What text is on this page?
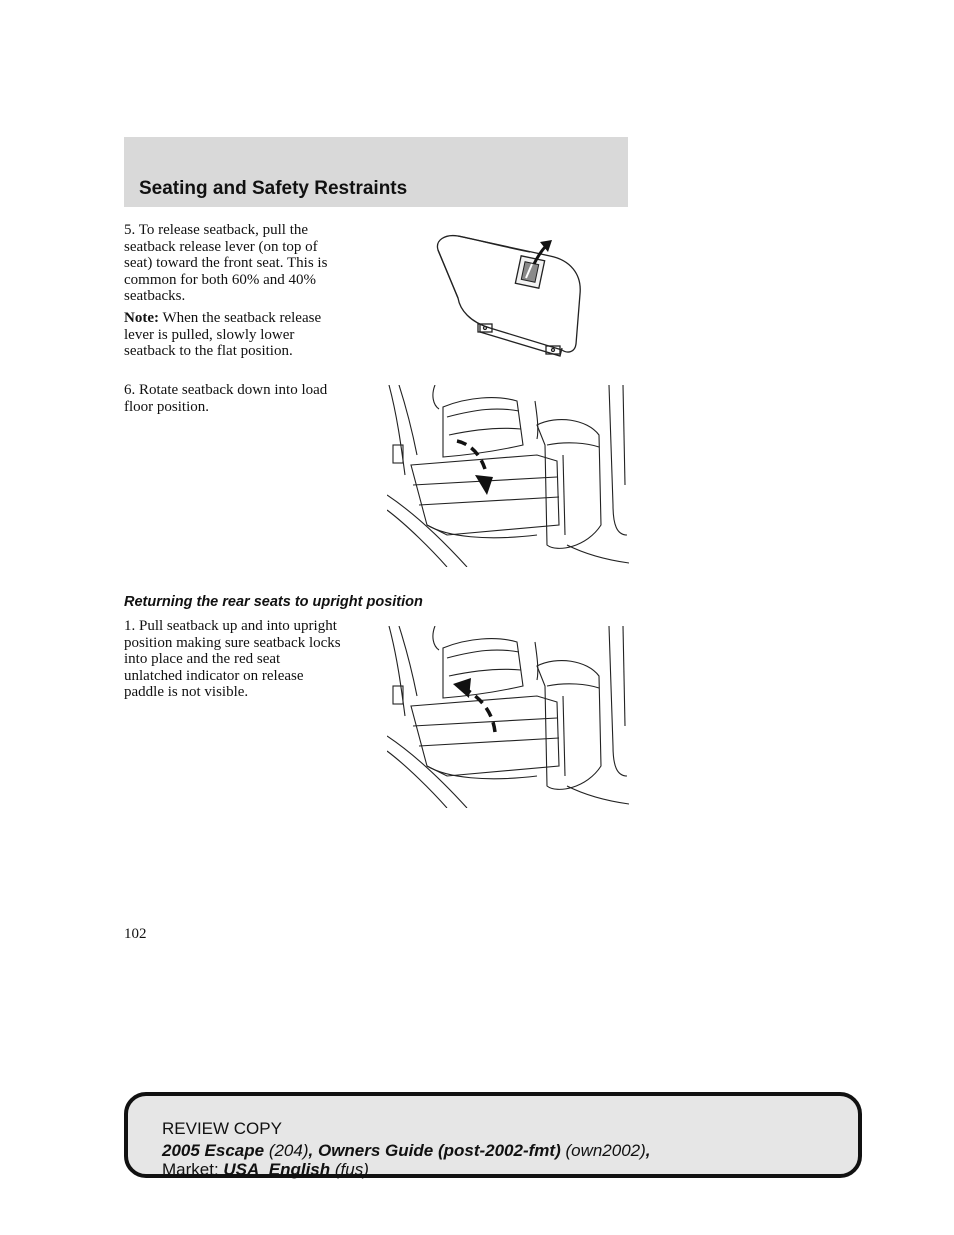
Seating and Safety Restraints
5. To release seatback, pull the
seatback release lever (on top of
seat) toward the front seat. This is
common for both 60% and 40%
seatbacks.
Note: When the seatback release
lever is pulled, slowly lower
seatback to the flat position.
6. Rotate seatback down into load
floor position.
Returning the rear seats to upright position
1. Pull seatback up and into upright
position making sure seatback locks
into place and the red seat
unlatched indicator on release
paddle is not visible.
102

REVIEW COPY

2005 Escape (204), Owners Guide (post-2002-fmt) (own2002),

Market: USA_English (fus)
